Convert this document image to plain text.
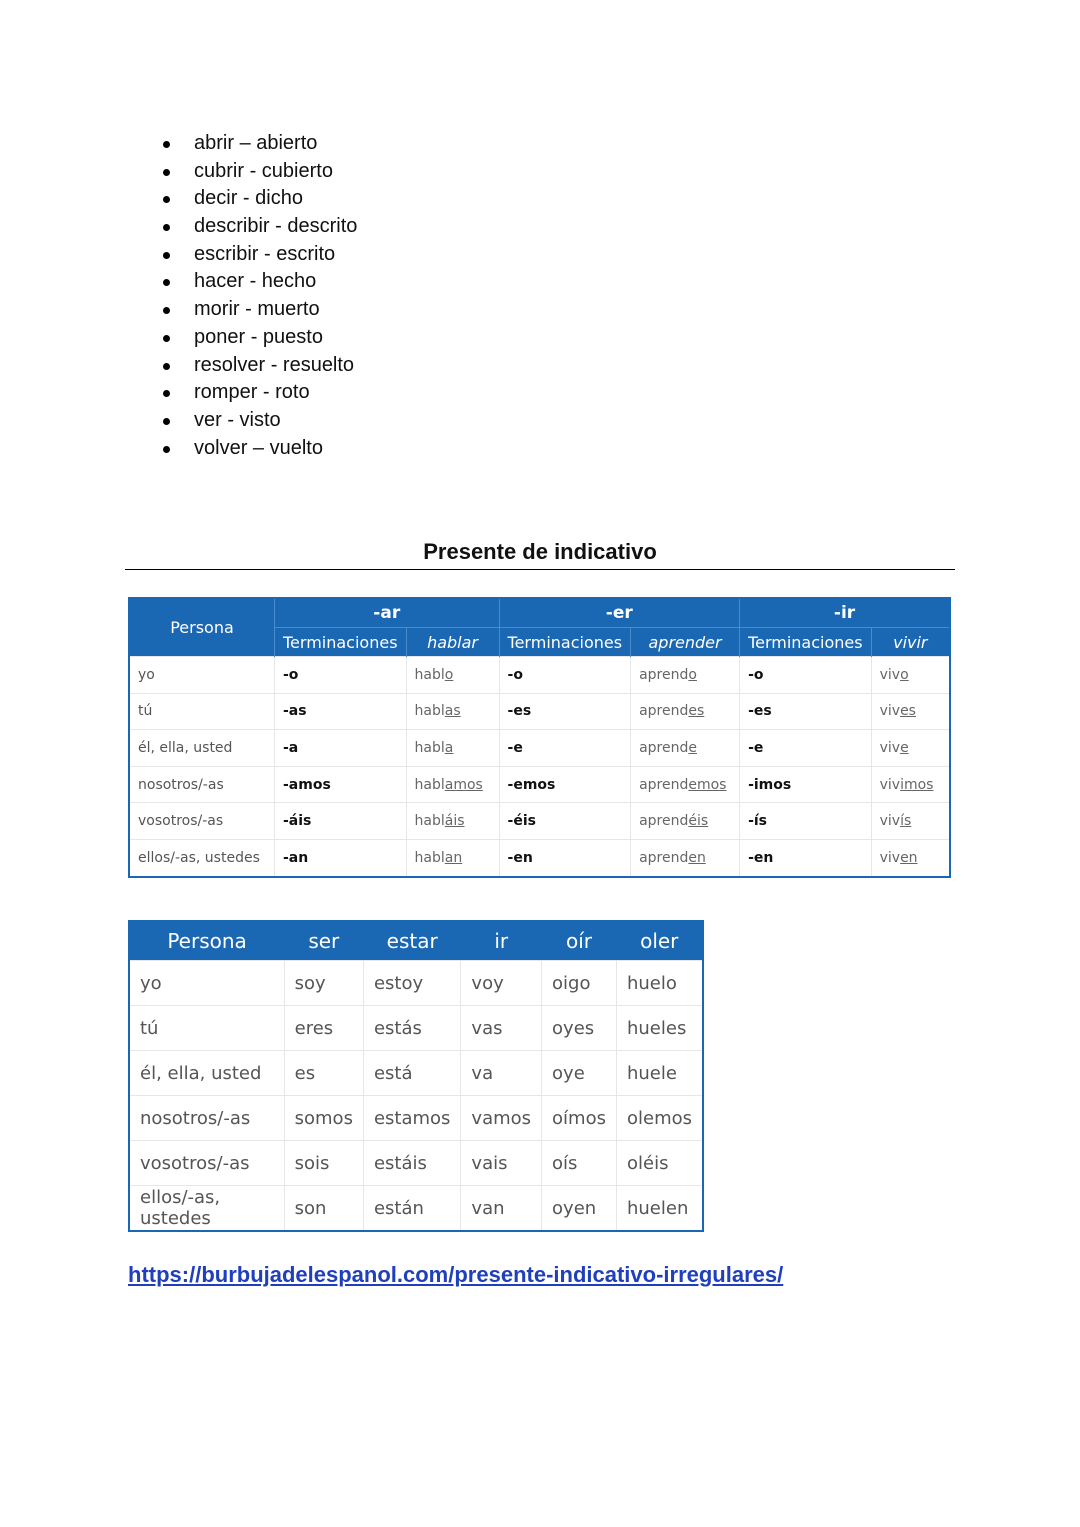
abrir – abierto
cubrir - cubierto
decir - dicho
describir - descrito
escribir - escrito
hacer - hecho
morir - muerto
poner - puesto
resolver - resuelto
romper - roto
ver - visto
volver – vuelto
Presente de indicativo
Persona	-ar		-er		-ir	
	Terminaciones	hablar	Terminaciones	aprender	Terminaciones	vivir
yo	-o	hablo	-o	aprendo	-o	vivo
tú	-as	hablas	-es	aprendes	-es	vives
él, ella, usted	-a	habla	-e	aprende	-e	vive
nosotros/-as	-amos	hablamos	-emos	aprendemos	-imos	vivimos
vosotros/-as	-áis	habláis	-éis	aprendéis	-ís	vivís
ellos/-as, ustedes	-an	hablan	-en	aprenden	-en	viven
Persona	ser	estar	ir	oír	oler
yo	soy	estoy	voy	oigo	huelo
tú	eres	estás	vas	oyes	hueles
él, ella, usted	es	está	va	oye	huele
nosotros/-as	somos	estamos	vamos	oímos	olemos
vosotros/-as	sois	estáis	vais	oís	oléis
ellos/-as, ustedes	son	están	van	oyen	huelen
https://burbujadelespanol.com/presente-indicativo-irregulares/
